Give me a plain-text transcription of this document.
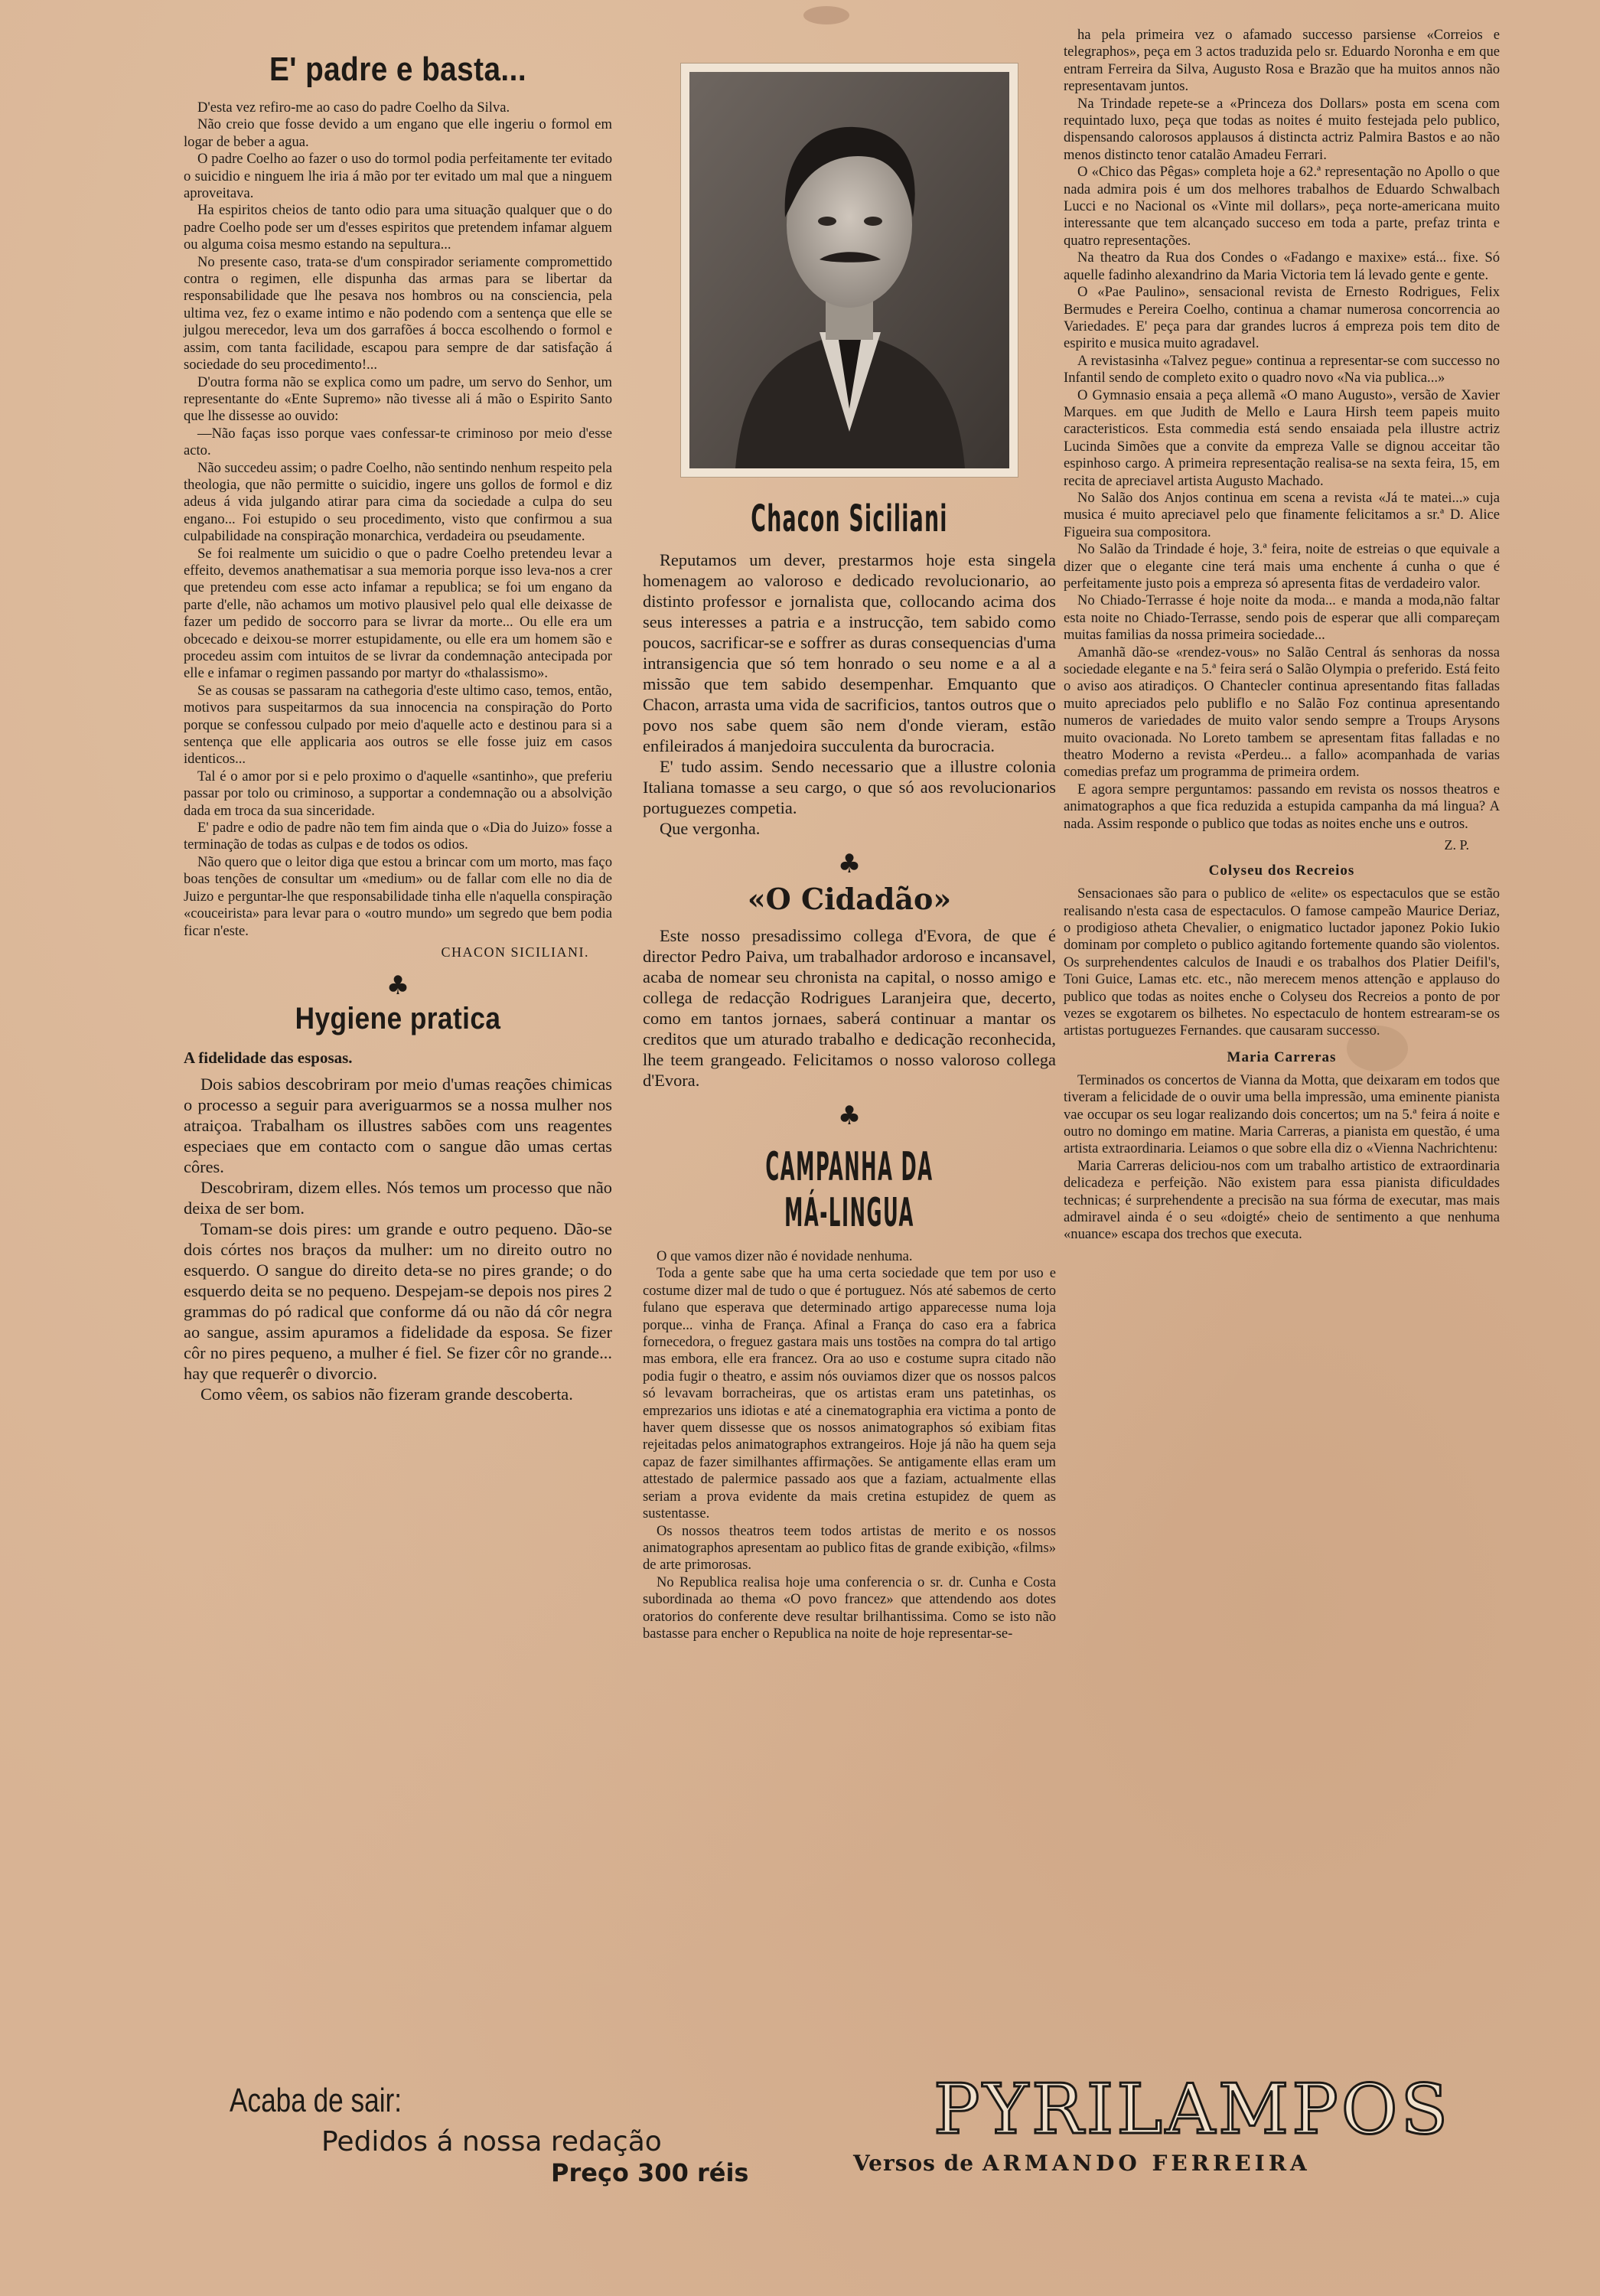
E' padre e basta...

D'esta vez refiro-me ao caso do padre Coelho da Silva.

Não creio que fosse devido a um engano que elle ingeriu o formol em logar de beber a agua.

O padre Coelho ao fazer o uso do tormol podia perfeitamente ter evitado o suicidio e ninguem lhe iria á mão por ter evitado um mal que a ninguem aproveitava.

Ha espiritos cheios de tanto odio para uma situação qualquer que o do padre Coelho pode ser um d'esses espiritos que pretendem infamar alguem ou alguma coisa mesmo estando na sepultura...

No presente caso, trata-se d'um conspirador seriamente compromettido contra o regimen, elle dispunha das armas para se libertar da responsabilidade que lhe pesava nos hombros ou na consciencia, pela ultima vez, fez o exame intimo e não podendo com a sentença que elle se julgou merecedor, leva um dos garrafões á bocca escolhendo o formol e assim, com tanta facilidade, escapou para sempre de dar satisfação á sociedade do seu procedimento!...

D'outra forma não se explica como um padre, um servo do Senhor, um representante do «Ente Supremo» não tivesse ali á mão o Espirito Santo que lhe dissesse ao ouvido:

—Não faças isso porque vaes confessar-te criminoso por meio d'esse acto.

Não succedeu assim; o padre Coelho, não sentindo nenhum respeito pela theologia, que não permitte o suicidio, ingere uns gollos de formol e diz adeus á vida julgando atirar para cima da sociedade a culpa do seu engano... Foi estupido o seu procedimento, visto que confirmou a sua culpabilidade na conspiração monarchica, verdadeira ou pseudamente.

Se foi realmente um suicidio o que o padre Coelho pretendeu levar a effeito, devemos anathematisar a sua memoria porque isso leva-nos a crer que pretendeu com esse acto infamar a republica; se foi um engano da parte d'elle, não achamos um motivo plausivel pelo qual elle deixasse de fazer um pedido de soccorro para se livrar da morte... Ou elle era um obcecado e deixou-se morrer estupidamente, ou elle era um homem são e procedeu assim com intuitos de se livrar da condemnação antecipada por elle e infamar o regimen passando por martyr do «thalassismo».

Se as cousas se passaram na cathegoria d'este ultimo caso, temos, então, motivos para suspeitarmos da sua innocencia na conspiração do Porto porque se confessou culpado por meio d'aquelle acto e destinou para si a sentença que elle applicaria aos outros se elle fosse juiz em casos identicos...

Tal é o amor por si e pelo proximo o d'aquelle «santinho», que preferiu passar por tolo ou criminoso, a supportar a condemnação ou a absolvição dada em troca da sua sinceridade.

E' padre e odio de padre não tem fim ainda que o «Dia do Juizo» fosse a terminação de todas as culpas e de todos os odios.

Não quero que o leitor diga que estou a brincar com um morto, mas faço boas tenções de consultar um «medium» ou de fallar com elle no dia de Juizo e perguntar-lhe que responsabilidade tinha elle n'aquella conspiração «couceirista» para levar para o «outro mundo» um segredo que bem podia ficar n'este.

CHACON SICILIANI.

♣
Hygiene pratica
A fidelidade das esposas.

Dois sabios descobriram por meio d'umas reações chimicas o processo a seguir para averiguarmos se a nossa mulher nos atraiçoa. Trabalham os illustres sabões com uns reagentes especiaes que em contacto com o sangue dão umas certas côres.

Descobriram, dizem elles. Nós temos um processo que não deixa de ser bom.

Tomam-se dois pires: um grande e outro pequeno. Dão-se dois córtes nos braços da mulher: um no direito outro no esquerdo. O sangue do direito deta-se no pires grande; o do esquerdo deita se no pequeno. Despejam-se depois nos pires 2 grammas do pó radical que conforme dá ou não dá côr negra ao sangue, assim apuramos a fidelidade da esposa. Se fizer côr no pires pequeno, a mulher é fiel. Se fizer côr no grande... hay que requerêr o divorcio.

Como vêem, os sabios não fizeram grande descoberta.

Chacon Siciliani

Reputamos um dever, prestarmos hoje esta singela homenagem ao valoroso e dedicado revolucionario, ao distinto professor e jornalista que, collocando acima dos seus interesses a patria e a instrucção, tem sabido como poucos, sacrificar-se e soffrer as duras consequencias d'uma intransigencia que só tem honrado o seu nome e a al a missão que tem sabido desempenhar. Emquanto que Chacon, arrasta uma vida de sacrificios, tantos outros que o povo nos sabe quem são nem d'onde vieram, estão enfileirados á manjedoira succulenta da burocracia.

E' tudo assim. Sendo necessario que a illustre colonia Italiana tomasse a seu cargo, o que só aos revolucionarios portuguezes competia.

Que vergonha.

♣
«O Cidadão»

Este nosso presadissimo collega d'Evora, de que é director Pedro Paiva, um trabalhador ardoroso e incansavel, acaba de nomear seu chronista na capital, o nosso amigo e collega de redacção Rodrigues Laranjeira que, decerto, como em tantos jornaes, saberá continuar a mantar os creditos que um aturado trabalho e dedicação reconhecida, lhe teem grangeado. Felicitamos o nosso valoroso collega d'Evora.

♣
CAMPANHA DA MÁ-LINGUA

O que vamos dizer não é novidade nenhuma.

Toda a gente sabe que ha uma certa sociedade que tem por uso e costume dizer mal de tudo o que é portuguez. Nós até sabemos de certo fulano que esperava que determinado artigo apparecesse numa loja porque... vinha de França. Afinal a França do caso era a fabrica fornecedora, o freguez gastara mais uns tostões na compra do tal artigo mas embora, elle era francez. Ora ao uso e costume supra citado não podia fugir o theatro, e assim nós ouviamos dizer que os nossos palcos só levavam borracheiras, que os artistas eram uns patetinhas, os emprezarios uns idiotas e até a cinematographia era victima a ponto de haver quem dissesse que os nossos animatographos só exibiam fitas rejeitadas pelos animatographos extrangeiros. Hoje já não ha quem seja capaz de fazer similhantes affirmações. Se antigamente ellas eram um attestado de palermice passado aos que a faziam, actualmente ellas seriam a prova evidente da mais cretina estupidez de quem as sustentasse.

Os nossos theatros teem todos artistas de merito e os nossos animatographos apresentam ao publico fitas de grande exibição, «films» de arte primorosas.

No Republica realisa hoje uma conferencia o sr. dr. Cunha e Costa subordinada ao thema «O povo francez» que attendendo aos dotes oratorios do conferente deve resultar brilhantissima. Como se isto não bastasse para encher o Republica na noite de hoje representar-se-

ha pela primeira vez o afamado successo parsiense «Correios e telegraphos», peça em 3 actos traduzida pelo sr. Eduardo Noronha e em que entram Ferreira da Silva, Augusto Rosa e Brazão que ha muitos annos não representavam juntos.

Na Trindade repete-se a «Princeza dos Dollars» posta em scena com requintado luxo, peça que todas as noites é muito festejada pelo publico, dispensando calorosos applausos á distincta actriz Palmira Bastos e ao não menos distincto tenor catalão Amadeu Ferrari.

O «Chico das Pêgas» completa hoje a 62.ª representação no Apollo o que nada admira pois é um dos melhores trabalhos de Eduardo Schwalbach Lucci e no Nacional os «Vinte mil dollars», peça norte-americana muito interessante que tem alcançado succeso em toda a parte, prefaz trinta e quatro representações.

Na theatro da Rua dos Condes o «Fadango e maxixe» está... fixe. Só aquelle fadinho alexandrino da Maria Victoria tem lá levado gente e gente.

O «Pae Paulino», sensacional revista de Ernesto Rodrigues, Felix Bermudes e Pereira Coelho, continua a chamar numerosa concorrencia ao Variedades. E' peça para dar grandes lucros á empreza pois tem dito de espirito e musica muito agradavel.

A revistasinha «Talvez pegue» continua a representar-se com successo no Infantil sendo de completo exito o quadro novo «Na via publica...»

O Gymnasio ensaia a peça allemã «O mano Augusto», versão de Xavier Marques. em que Judith de Mello e Laura Hirsh teem papeis muito caracteristicos. Esta commedia está sendo ensaiada pela illustre actriz Lucinda Simões que a convite da empreza Valle se dignou acceitar tão espinhoso cargo. A primeira representação realisa-se na sexta feira, 15, em recita de apreciavel artista Augusto Machado.

No Salão dos Anjos continua em scena a revista «Já te matei...» cuja musica é muito apreciavel pelo que finamente felicitamos a sr.ª D. Alice Figueira sua compositora.

No Salão da Trindade é hoje, 3.ª feira, noite de estreias o que equivale a dizer que o elegante cine terá mais uma enchente á cunha o que é perfeitamente justo pois a empreza só apresenta fitas de verdadeiro valor.

No Chiado-Terrasse é hoje noite da moda... e manda a moda,não faltar esta noite no Chiado-Terrasse, sendo pois de esperar que alli compareçam muitas familias da nossa primeira sociedade...

Amanhã dão-se «rendez-vous» no Salão Central ás senhoras da nossa sociedade elegante e na 5.ª feira será o Salão Olympia o preferido. Está feito o aviso aos atiradiços. O Chantecler continua apresentando fitas falladas muito apreciados pelo publiflo e no Salão Foz continua apresentando numeros de variedades de muito valor sendo sempre a Troups Arysons muito ovacionada. No Loreto tambem se apresentam fitas falladas e no theatro Moderno a revista «Perdeu... a fallo» acompanhada de varias comedias prefaz um programma de primeira ordem.

E agora sempre perguntamos: passando em revista os nossos theatros e animatographos a que fica reduzida a estupida campanha da má lingua? A nada. Assim responde o publico que todas as noites enche uns e outros.

Z. P.

Colyseu dos Recreios

Sensacionaes são para o publico de «elite» os espectaculos que se estão realisando n'esta casa de espectaculos. O famose campeão Maurice Deriaz, o prodigioso atheta Chevalier, o enigmatico luctador japonez Pokio Iukio dominam por completo o publico agitando fortemente quando são violentos. Os surprehendentes calculos de Inaudi e os trabalhos dos Platier Deifil's, Toni Guice, Lamas etc. etc., não merecem menos attenção e applauso do publico que todas as noites enche o Colyseu dos Recreios a ponto de por vezes se exgotarem os bilhetes. No espectaculo de hontem estrearam-se os artistas portuguezes Fernandes. que causaram successo.

Maria Carreras

Terminados os concertos de Vianna da Motta, que deixaram em todos que tiveram a felicidade de o ouvir uma bella impressão, uma eminente pianista vae occupar os seu logar realizando dois concertos; um na 5.ª feira á noite e outro no domingo em matine. Maria Carreras, a pianista em questão, é uma artista extraordinaria. Leiamos o que sobre ella diz o «Vienna Nachrichtenu:

Maria Carreras deliciou-nos com um trabalho artistico de extraordinaria delicadeza e perfeição. Não existem para essa pianista dificuldades technicas; é surprehendente a precisão na sua fórma de executar, mas mais admiravel ainda é o seu «doigté» cheio de sentimento a que nenhuma «nuance» escapa dos trechos que executa.

Acaba de sair:
Pedidos á nossa redação
Preço 300 réis
PYRILAMPOS
Versos de ARMANDO FERREIRA
